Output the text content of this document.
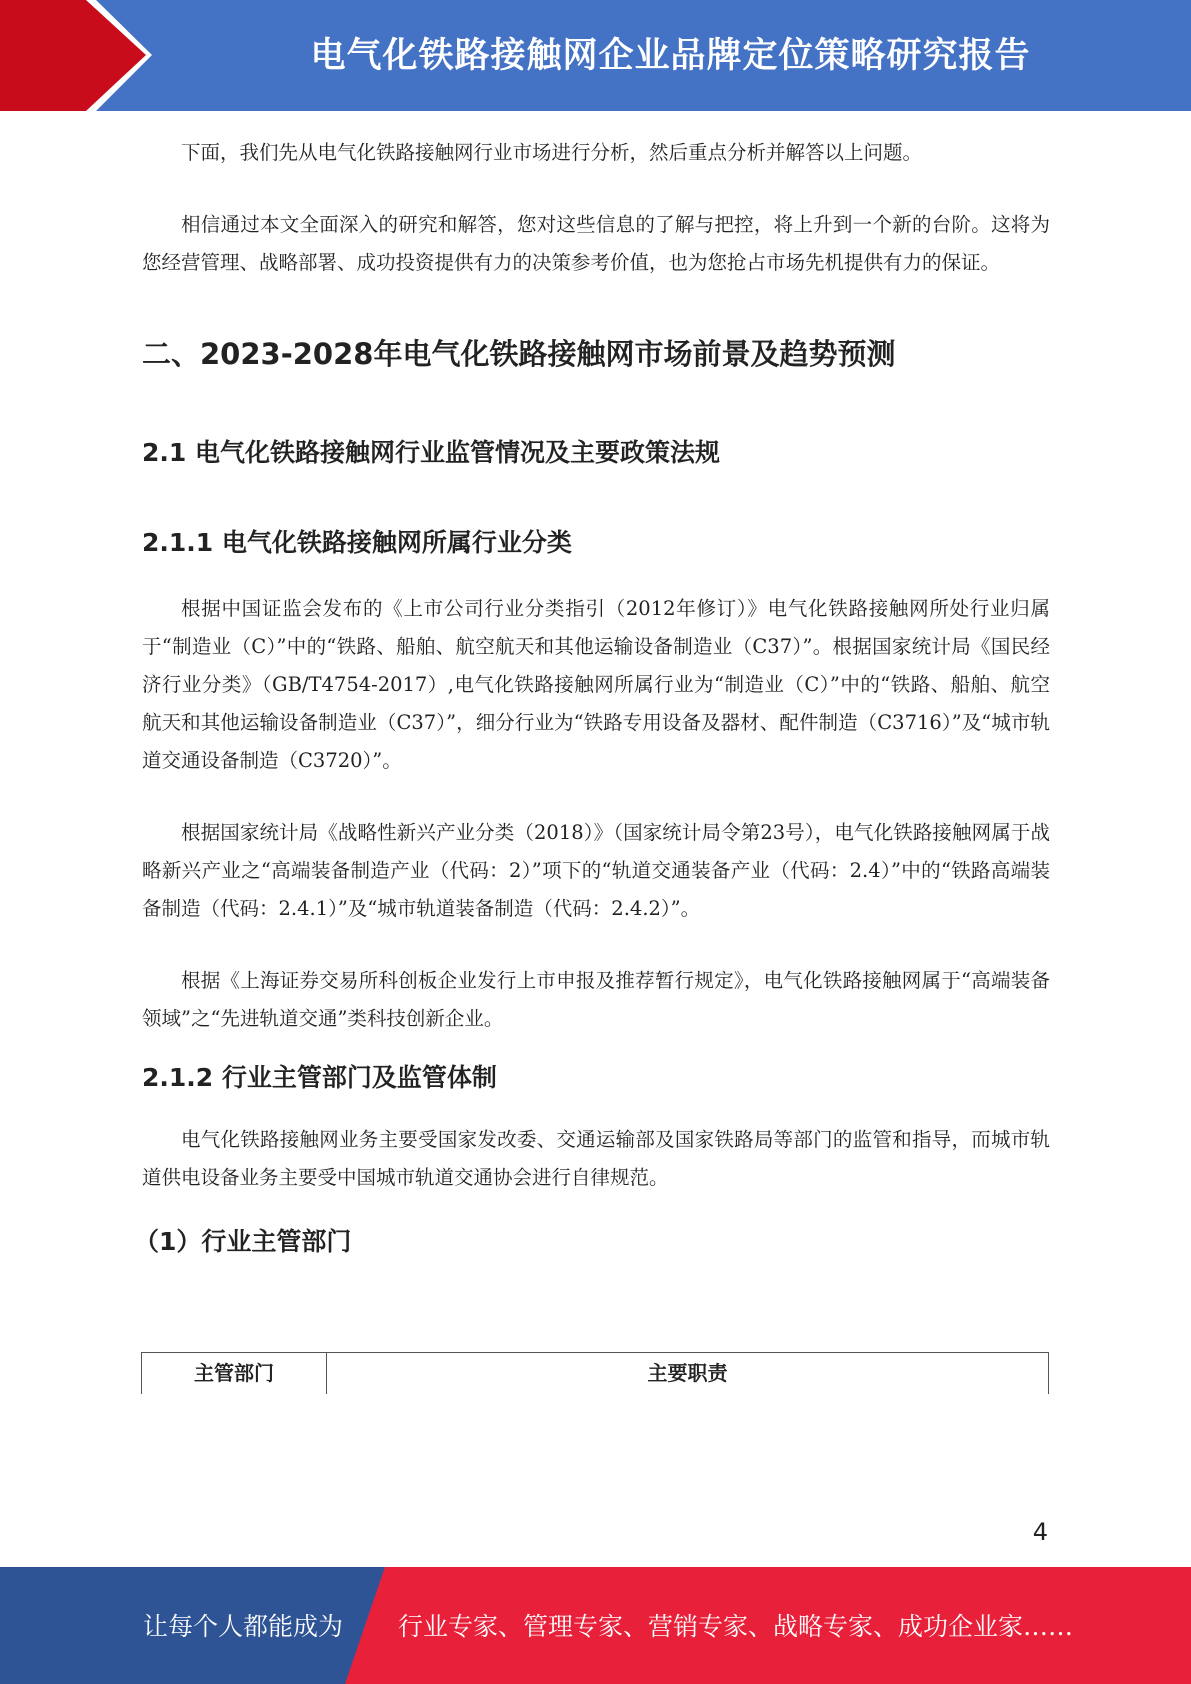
电气化铁路接触网企业品牌定位策略研究报告

下面，我们先从电气化铁路接触网行业市场进行分析，然后重点分析并解答以上问题。

相信通过本文全面深入的研究和解答，您对这些信息的了解与把控，将上升到一个新的台阶。这将为您经营管理、战略部署、成功投资提供有力的决策参考价值，也为您抢占市场先机提供有力的保证。

二、2023-2028年电气化铁路接触网市场前景及趋势预测
2.1 电气化铁路接触网行业监管情况及主要政策法规
2.1.1 电气化铁路接触网所属行业分类

根据中国证监会发布的《上市公司行业分类指引（2012年修订）》电气化铁路接触网所处行业归属于“制造业（C）”中的“铁路、船舶、航空航天和其他运输设备制造业（C37）”。根据国家统计局《国民经济行业分类》（GB/T4754-2017）,电气化铁路接触网所属行业为“制造业（C）”中的“铁路、船舶、航空航天和其他运输设备制造业（C37）”，细分行业为“铁路专用设备及器材、配件制造（C3716）”及“城市轨道交通设备制造（C3720）”。

根据国家统计局《战略性新兴产业分类（2018）》（国家统计局令第23号），电气化铁路接触网属于战略新兴产业之“高端装备制造产业（代码：2）”项下的“轨道交通装备产业（代码：2.4）”中的“铁路高端装备制造（代码：2.4.1）”及“城市轨道装备制造（代码：2.4.2）”。

根据《上海证券交易所科创板企业发行上市申报及推荐暂行规定》，电气化铁路接触网属于“高端装备领域”之“先进轨道交通”类科技创新企业。

2.1.2 行业主管部门及监管体制

电气化铁路接触网业务主要受国家发改委、交通运输部及国家铁路局等部门的监管和指导，而城市轨道供电设备业务主要受中国城市轨道交通协会进行自律规范。

（1）行业主管部门
主管部门	主要职责
4
让每个人都能成为 行业专家、管理专家、营销专家、战略专家、成功企业家……
